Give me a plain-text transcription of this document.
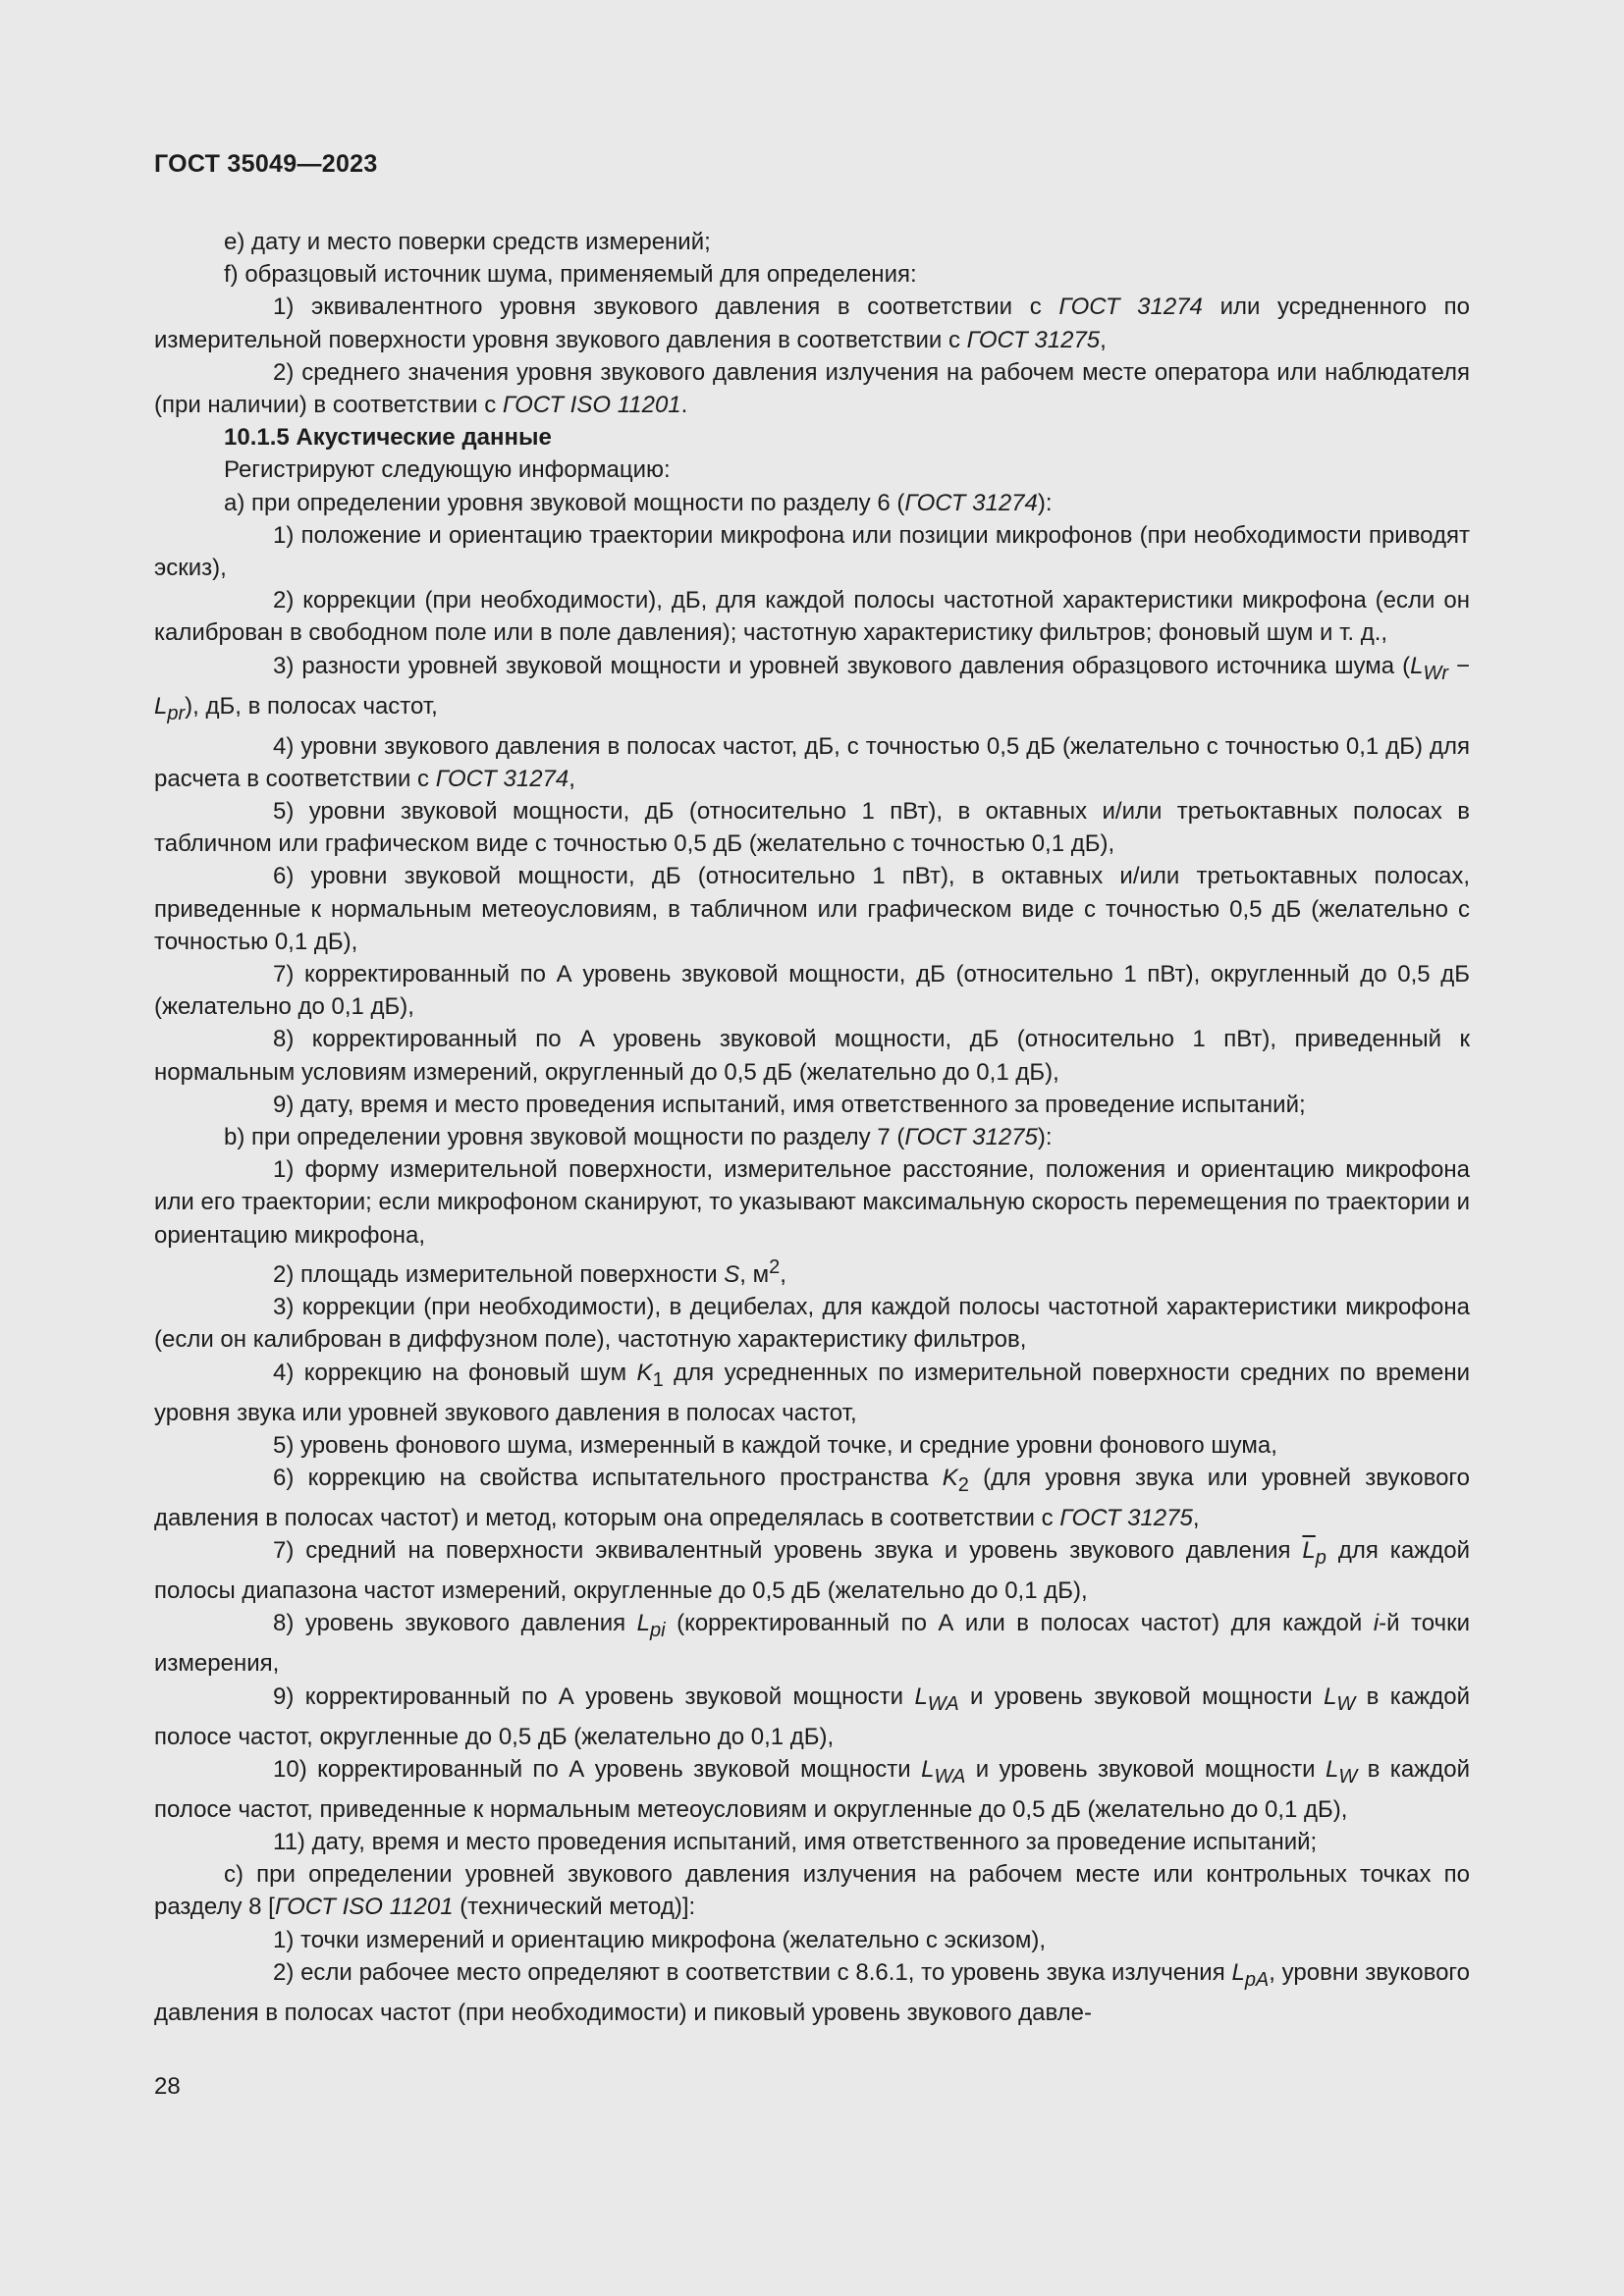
ГОСТ 35049—2023

e) дату и место поверки средств измерений;

f) образцовый источник шума, применяемый для определения:

1) эквивалентного уровня звукового давления в соответствии с ГОСТ 31274 или усредненного по измерительной поверхности уровня звукового давления в соответствии с ГОСТ 31275,

2) среднего значения уровня звукового давления излучения на рабочем месте оператора или наблюдателя (при наличии) в соответствии с ГОСТ ISO 11201.

10.1.5 Акустические данные

Регистрируют следующую информацию:

a) при определении уровня звуковой мощности по разделу 6 (ГОСТ 31274):

1) положение и ориентацию траектории микрофона или позиции микрофонов (при необходимости приводят эскиз),

2) коррекции (при необходимости), дБ, для каждой полосы частотной характеристики микрофона (если он калиброван в свободном поле или в поле давления); частотную характеристику фильтров; фоновый шум и т. д.,

3) разности уровней звуковой мощности и уровней звукового давления образцового источника шума $(L_{Wr} - L_{pr})$, дБ, в полосах частот,

4) уровни звукового давления в полосах частот, дБ, с точностью 0,5 дБ (желательно с точностью 0,1 дБ) для расчета в соответствии с ГОСТ 31274,

5) уровни звуковой мощности, дБ (относительно 1 пВт), в октавных и/или третьоктавных полосах в табличном или графическом виде с точностью 0,5 дБ (желательно с точностью 0,1 дБ),

6) уровни звуковой мощности, дБ (относительно 1 пВт), в октавных и/или третьоктавных полосах, приведенные к нормальным метеоусловиям, в табличном или графическом виде с точностью 0,5 дБ (желательно с точностью 0,1 дБ),

7) корректированный по А уровень звуковой мощности, дБ (относительно 1 пВт), округленный до 0,5 дБ (желательно до 0,1 дБ),

8) корректированный по А уровень звуковой мощности, дБ (относительно 1 пВт), приведенный к нормальным условиям измерений, округленный до 0,5 дБ (желательно до 0,1 дБ),

9) дату, время и место проведения испытаний, имя ответственного за проведение испытаний;

b) при определении уровня звуковой мощности по разделу 7 (ГОСТ 31275):

1) форму измерительной поверхности, измерительное расстояние, положения и ориентацию микрофона или его траектории; если микрофоном сканируют, то указывают максимальную скорость перемещения по траектории и ориентацию микрофона,

2) площадь измерительной поверхности S, $м^2$,

3) коррекции (при необходимости), в децибелах, для каждой полосы частотной характеристики микрофона (если он калиброван в диффузном поле), частотную характеристику фильтров,

4) коррекцию на фоновый шум $K_1$ для усредненных по измерительной поверхности средних по времени уровня звука или уровней звукового давления в полосах частот,

5) уровень фонового шума, измеренный в каждой точке, и средние уровни фонового шума,

6) коррекцию на свойства испытательного пространства $K_2$ (для уровня звука или уровней звукового давления в полосах частот) и метод, которым она определялась в соответствии с ГОСТ 31275,

7) средний на поверхности эквивалентный уровень звука и уровень звукового давления $\overline{L}_p$ для каждой полосы диапазона частот измерений, округленные до 0,5 дБ (желательно до 0,1 дБ),

8) уровень звукового давления $L_{pi}$ (корректированный по А или в полосах частот) для каждой i-й точки измерения,

9) корректированный по А уровень звуковой мощности $L_{WA}$ и уровень звуковой мощности $L_W$ в каждой полосе частот, округленные до 0,5 дБ (желательно до 0,1 дБ),

10) корректированный по А уровень звуковой мощности $L_{WA}$ и уровень звуковой мощности $L_W$ в каждой полосе частот, приведенные к нормальным метеоусловиям и округленные до 0,5 дБ (желательно до 0,1 дБ),

11) дату, время и место проведения испытаний, имя ответственного за проведение испытаний;

c) при определении уровней звукового давления излучения на рабочем месте или контрольных точках по разделу 8 [ГОСТ ISO 11201 (технический метод)]:

1) точки измерений и ориентацию микрофона (желательно с эскизом),

2) если рабочее место определяют в соответствии с 8.6.1, то уровень звука излучения $L_{pA}$, уровни звукового давления в полосах частот (при необходимости) и пиковый уровень звукового давле-

28
